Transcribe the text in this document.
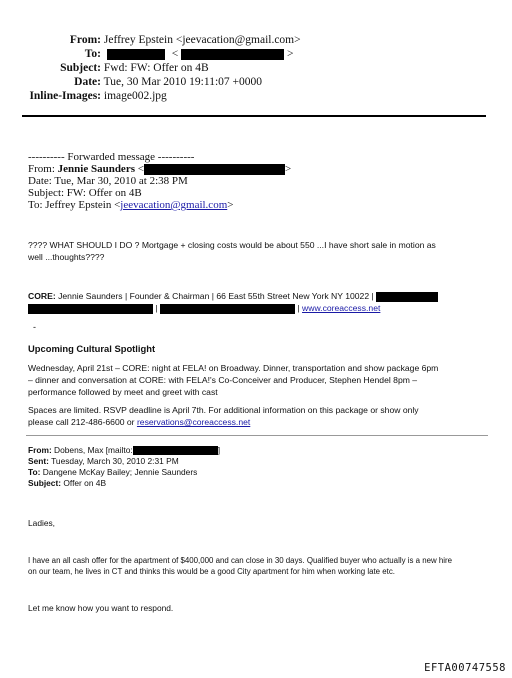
From: Jeffrey Epstein <jeevacation@gmail.com>
To:	<	>
Subject: Fwd: FW: Offer on 4B
Date: Tue, 30 Mar 2010 19:11:07 +0000
Inline-Images: image002.jpg
---------- Forwarded message ----------
From: Jennie Saunders <	>
Date: Tue, Mar 30, 2010 at 2:38 PM
Subject: FW: Offer on 4B
To: Jeffrey Epstein <jeevacation@gmail.com>
???? WHAT SHOULD I DO ? Mortgage + closing costs would be about 550 ...I have short sale in motion as
well ...thoughts????
CORE: Jennie Saunders | Founder & Chairman | 66 East 55th Street New York NY 10022 |
|	| www.coreaccess.net
-
Upcoming Cultural Spotlight
Wednesday, April 21st – CORE: night at FELA! on Broadway. Dinner, transportation and show package 6pm
– dinner and conversation at CORE: with FELA!'s Co-Conceiver and Producer, Stephen Hendel 8pm –
performance followed by meet and greet with cast
Spaces are limited. RSVP deadline is April 7th. For additional information on this package or show only
please call 212-486-6600 or reservations@coreaccess.net
From: Dobens, Max [mailto:	]
Sent: Tuesday, March 30, 2010 2:31 PM
To: Dangene McKay Bailey; Jennie Saunders
Subject: Offer on 4B
Ladies,
I have an all cash offer for the apartment of $400,000 and can close in 30 days. Qualified buyer who actually is a new hire
on our team, he lives in CT and thinks this would be a good City apartment for him when working late etc.
Let me know how you want to respond.
EFTA00747558
